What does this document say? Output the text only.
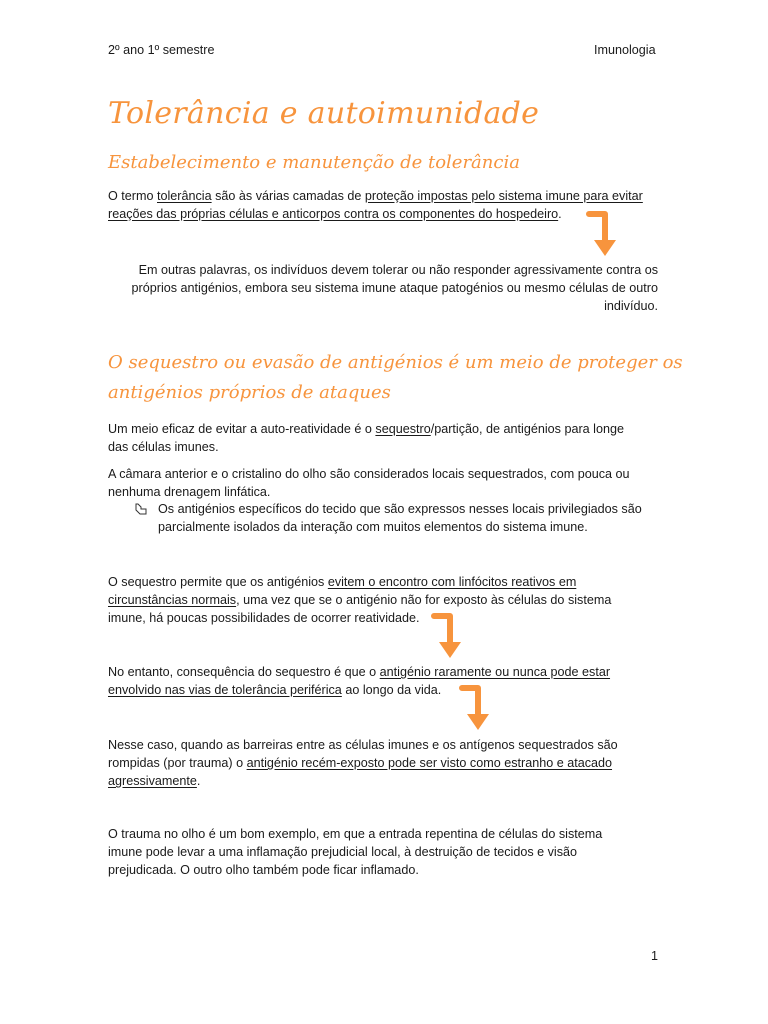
2º ano 1º semestre	Imunologia
Tolerância e autoimunidade
Estabelecimento e manutenção de tolerância
O termo tolerância são às várias camadas de proteção impostas pelo sistema imune para evitar
reações das próprias células e anticorpos contra os componentes do hospedeiro.
Em outras palavras, os indivíduos devem tolerar ou não responder agressivamente contra os
próprios antigénios, embora seu sistema imune ataque patogénios ou mesmo células de outro
indivíduo.
O sequestro ou evasão de antigénios é um meio de proteger os
antigénios próprios de ataques
Um meio eficaz de evitar a auto-reatividade é o sequestro/partição, de antigénios para longe
das células imunes.
A câmara anterior e o cristalino do olho são considerados locais sequestrados, com pouca ou
nenhuma drenagem linfática.
Os antigénios específicos do tecido que são expressos nesses locais privilegiados são
parcialmente isolados da interação com muitos elementos do sistema imune.
O sequestro permite que os antigénios evitem o encontro com linfócitos reativos em
circunstâncias normais, uma vez que se o antigénio não for exposto às células do sistema
imune, há poucas possibilidades de ocorrer reatividade.
No entanto, consequência do sequestro é que o antigénio raramente ou nunca pode estar
envolvido nas vias de tolerância periférica ao longo da vida.
Nesse caso, quando as barreiras entre as células imunes e os antígenos sequestrados são
rompidas (por trauma) o antigénio recém-exposto pode ser visto como estranho e atacado
agressivamente.
O trauma no olho é um bom exemplo, em que a entrada repentina de células do sistema
imune pode levar a uma inflamação prejudicial local, à destruição de tecidos e visão
prejudicada. O outro olho também pode ficar inflamado.
1
